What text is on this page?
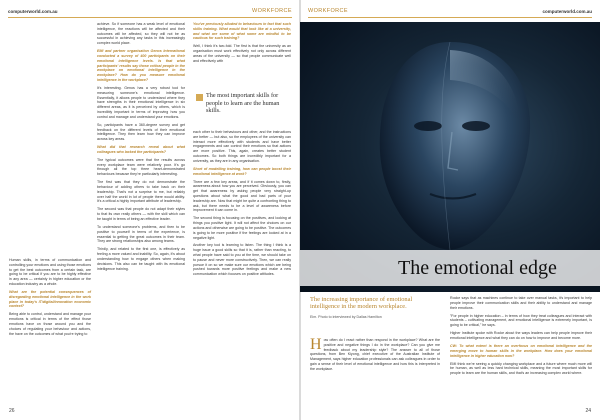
computerworld.com.au	WORKFORCE

Human skills, in terms of communication and controlling your emotions and using those emotions to get the best outcomes from a certain task, are going to be critical if you are to be highly effective in any area — certainly in higher education or the education industry as a whole.

What are the potential consequences of disregarding emotional intelligence in the work place in today's IT/digital/innovation economic context?

Being able to control, understand and manage your emotions is critical in terms of the effect those emotions have on those around you and the choices of regulating your behaviour and actions, the have on the outcomes of what you're trying to

achieve. So if someone has a weak level of emotional intelligence, the reactions will be affected and their outcomes will be affected, so they will not be as successful in achieving any tasks in this increasingly complex world place.

EMI and partner organisation Genos International conducted a survey of 400 participants on their emotional intelligence levels. Is that what participants' results say those critical people in the workplace on emotional intelligence in the workplace? How do you measure emotional intelligence in the workplace?

It's interesting. Genos has a very robust tool for measuring someone's emotional intelligence. Essentially, it allows people to understand where they have strengths in their emotional intelligence in six different areas, as it is perceived by others, which is incredibly important in terms of improving how you control and manage and understand your emotions.

So, participants have a 360-degree survey and get feedback on the different levels of their emotional intelligence. They then learn how they can improve across key areas.

What did that research reveal about what colleagues who lacked the participants?

The typical outcomes were that the results across every workplace team were relatively poor. It's go through all the top three heart-demonstrated behaviours because they're particularly interesting.

The first was that they do not demonstrate the behaviour of adding others to take back on their leadership. That's not a surprise to me, but reliably over half the world in lot of people there would ability. It's a critical a highly important attribute of leadership.

The second was that people do not adapt their styles to that its own really others — with the skill which can be taught in terms of being an effective leader.

To understand someone's problems, and then to be positive to yourself in terms of the experience, is essential to getting the great outcomes in their team. They are strong relationships also among teams.

Thirdly, and related to the first one, is effectively as feeling a more valued and inability. So, again, it's about understanding how to engage others when making decisions. This also can be taught with its emotional intelligence training.

You've previously alluded to behaviours in fact that such skills training. What would that look like at a university, and what are some of what some are mindful to be cautious for such training?

Well, I think it's two-fold. The first is that the university as an organisation must work effectively not only across different areas of the university — so that people communicate well and effectively with

The most important skills for people to learn are the human skills.

each other to their behaviours and other, and the instructions are better — but also, so the employees of the university can interact more effectively with students and have better engagements and can control their emotions so that actions are more positive. This, again, creates better student outcomes. So both things are incredibly important for a university, as they are in any organisation.

Short of modelling training, how can people boost their emotional intelligence at work?

There are a few key areas, and if it comes down to, firstly, awareness about how you are perceived. Obviously, you can get that awareness by asking people very straight-up questions about what the good and bad parts of your leadership are. Now that might be quite a confronting thing to ask, but there needs to be a level of awareness before improvement it can come in.

The second thing is focusing on the positives, and looking at things you positive light. It will not affect the choices on our actions and otherwise are going to be positive. The outcomes is going to be more positive if the feelings are looked at in a negative light.

Another key tool is learning to listen. The thing I think is a huge issue a good skills so that it is, rather than reacting, to what people have said to you at the time, we should take on to pause and never more constructively. Then, we can really pursue it on so we make sure our emotions which are being pushed towards more positive feelings and make a new communication which focuses on positive attitudes.

26
WORKFORCE	computerworld.com.au
The emotional edge
The increasing importance of emotional intelligence in the modern workplace.
Eim. Photo to interviewed by Dallas Hamilton
H ow often do I react rather than respond in the workplace? What are the positive and negative things I do in the workplace? Can you give me feedback about my leadership style? The answer to all of those questions, from Ben Kiyong, chief executive of the Australian Institute of Management, says higher education professionals can ask colleagues in order to gain a sense of their level of emotional intelligence and how this is interpreted in the workplace.

Rocke says that as machines continue to take over manual tasks, it's important to help people improve their communication skills and their ability to understand and manage their emotions.

"For people in higher education – in terms of how they treat colleagues and interact with students – cultivating management, and emotional intelligence is extremely important, is going to be critical," he says.

Higher Institute spoke with Rocke about the ways leaders can help people improve their emotional intelligence and what they can do on how to improve and become more.

CW: To what extent is there an overfocus on emotional intelligence and the emerging move to human skills in the workplace. How does your emotional intelligence in higher education now?

EMI think we're seeing a quickly changing workplace and a future where much more will be human, as well as less hard technical skills, meaning the most important skills for people to learn are the human skills, and that's an increasing complex world where.

24
